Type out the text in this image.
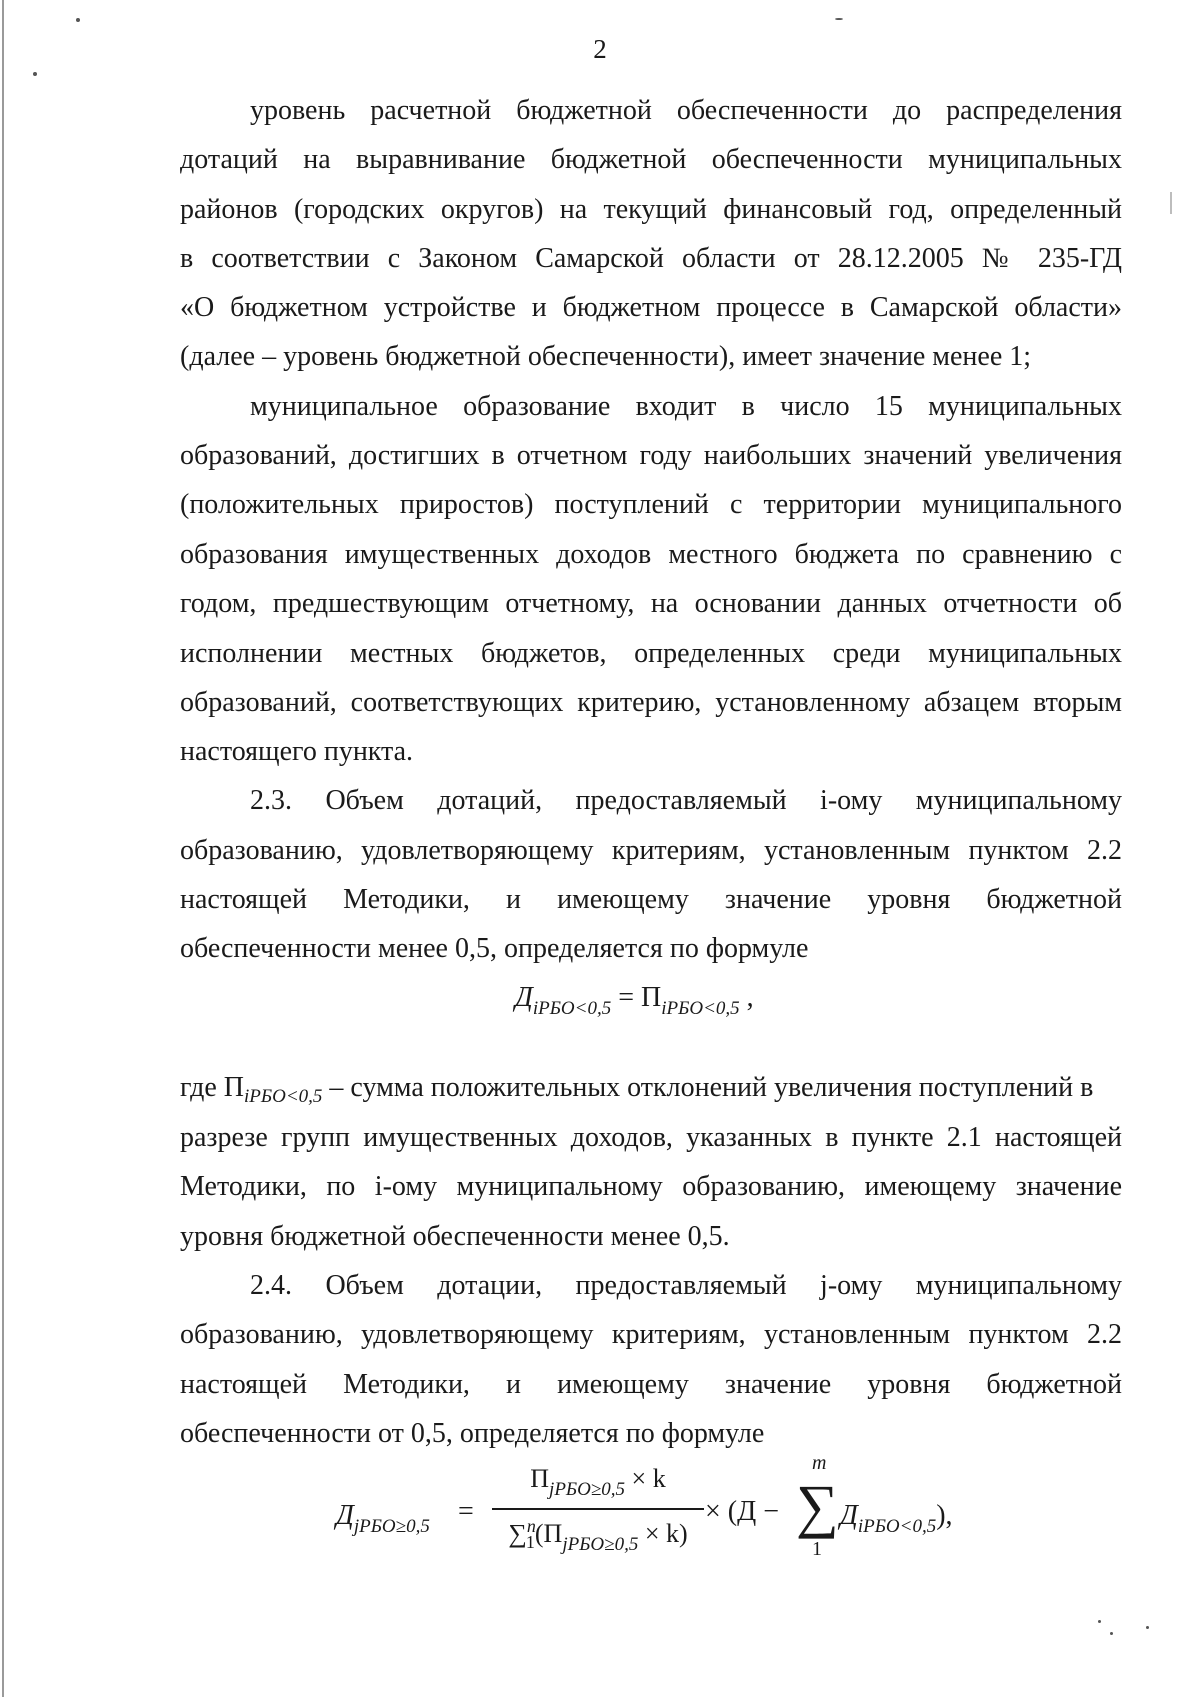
2
уровень расчетной бюджетной обеспеченности до распределения
дотаций на выравнивание бюджетной обеспеченности муниципальных
районов (городских округов) на текущий финансовый год, определенный
в соответствии с Законом Самарской области от 28.12.2005 № 235-ГД
«О бюджетном устройстве и бюджетном процессе в Самарской области»
(далее – уровень бюджетной обеспеченности), имеет значение менее 1;
муниципальное образование входит в число 15 муниципальных
образований, достигших в отчетном году наибольших значений увеличения
(положительных приростов) поступлений с территории муниципального
образования имущественных доходов местного бюджета по сравнению с
годом, предшествующим отчетному, на основании данных отчетности об
исполнении местных бюджетов, определенных среди муниципальных
образований, соответствующих критерию, установленному абзацем вторым
настоящего пункта.
2.3. Объем дотаций, предоставляемый i-ому муниципальному
образованию, удовлетворяющему критериям, установленным пунктом 2.2
настоящей Методики, и имеющему значение уровня бюджетной
обеспеченности менее 0,5, определяется по формуле
$Д_{iРБО<0,5} = П_{iРБО<0,5}$ ,
где $П_{iРБО<0,5}$ – сумма положительных отклонений увеличения поступлений в
разрезе групп имущественных доходов, указанных в пункте 2.1 настоящей
Методики, по i-ому муниципальному образованию, имеющему значение
уровня бюджетной обеспеченности менее 0,5.
2.4. Объем дотации, предоставляемый j-ому муниципальному
образованию, удовлетворяющему критериям, установленным пунктом 2.2
настоящей Методики, и имеющему значение уровня бюджетной
обеспеченности от 0,5, определяется по формуле
$Д_{jРБО\ge 0,5}$ =
$П_{jРБО\ge 0,5} \times k$
$\sum^n_1(П_{jРБО\ge 0,5} \times k)$
× (Д −
m
∑
1
$Д_{iРБО<0,5}$),
